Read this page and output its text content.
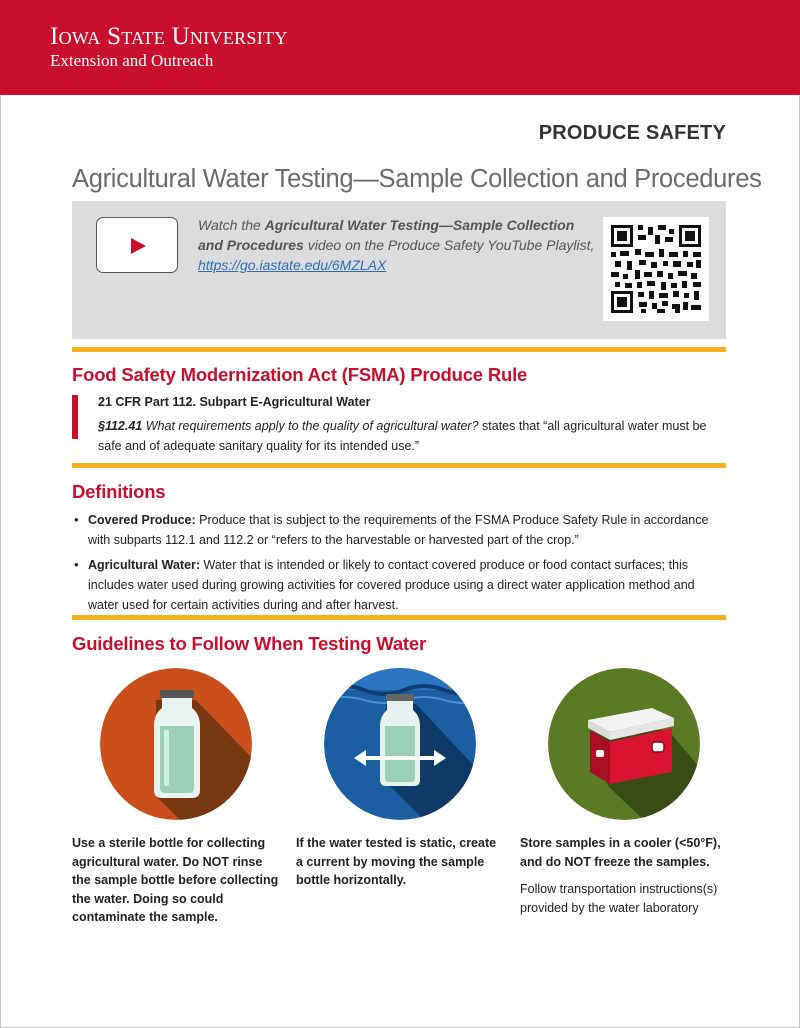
Iowa State University
Extension and Outreach
PRODUCE SAFETY
Agricultural Water Testing—Sample Collection and Procedures
Watch the Agricultural Water Testing—Sample Collection and Procedures video on the Produce Safety YouTube Playlist, https://go.iastate.edu/6MZLAX
Food Safety Modernization Act (FSMA) Produce Rule
21 CFR Part 112. Subpart E-Agricultural Water
§112.41 What requirements apply to the quality of agricultural water? states that “all agricultural water must be safe and of adequate sanitary quality for its intended use.”
Definitions
• Covered Produce: Produce that is subject to the requirements of the FSMA Produce Safety Rule in accordance with subparts 112.1 and 112.2 or “refers to the harvestable or harvested part of the crop.”
• Agricultural Water: Water that is intended or likely to contact covered produce or food contact surfaces; this includes water used during growing activities for covered produce using a direct water application method and water used for certain activities during and after harvest.
Guidelines to Follow When Testing Water
Use a sterile bottle for collecting agricultural water. Do NOT rinse the sample bottle before collecting the water. Doing so could contaminate the sample.
If the water tested is static, create a current by moving the sample bottle horizontally.
Store samples in a cooler (<50°F), and do NOT freeze the samples.
Follow transportation instructions(s) provided by the water laboratory
